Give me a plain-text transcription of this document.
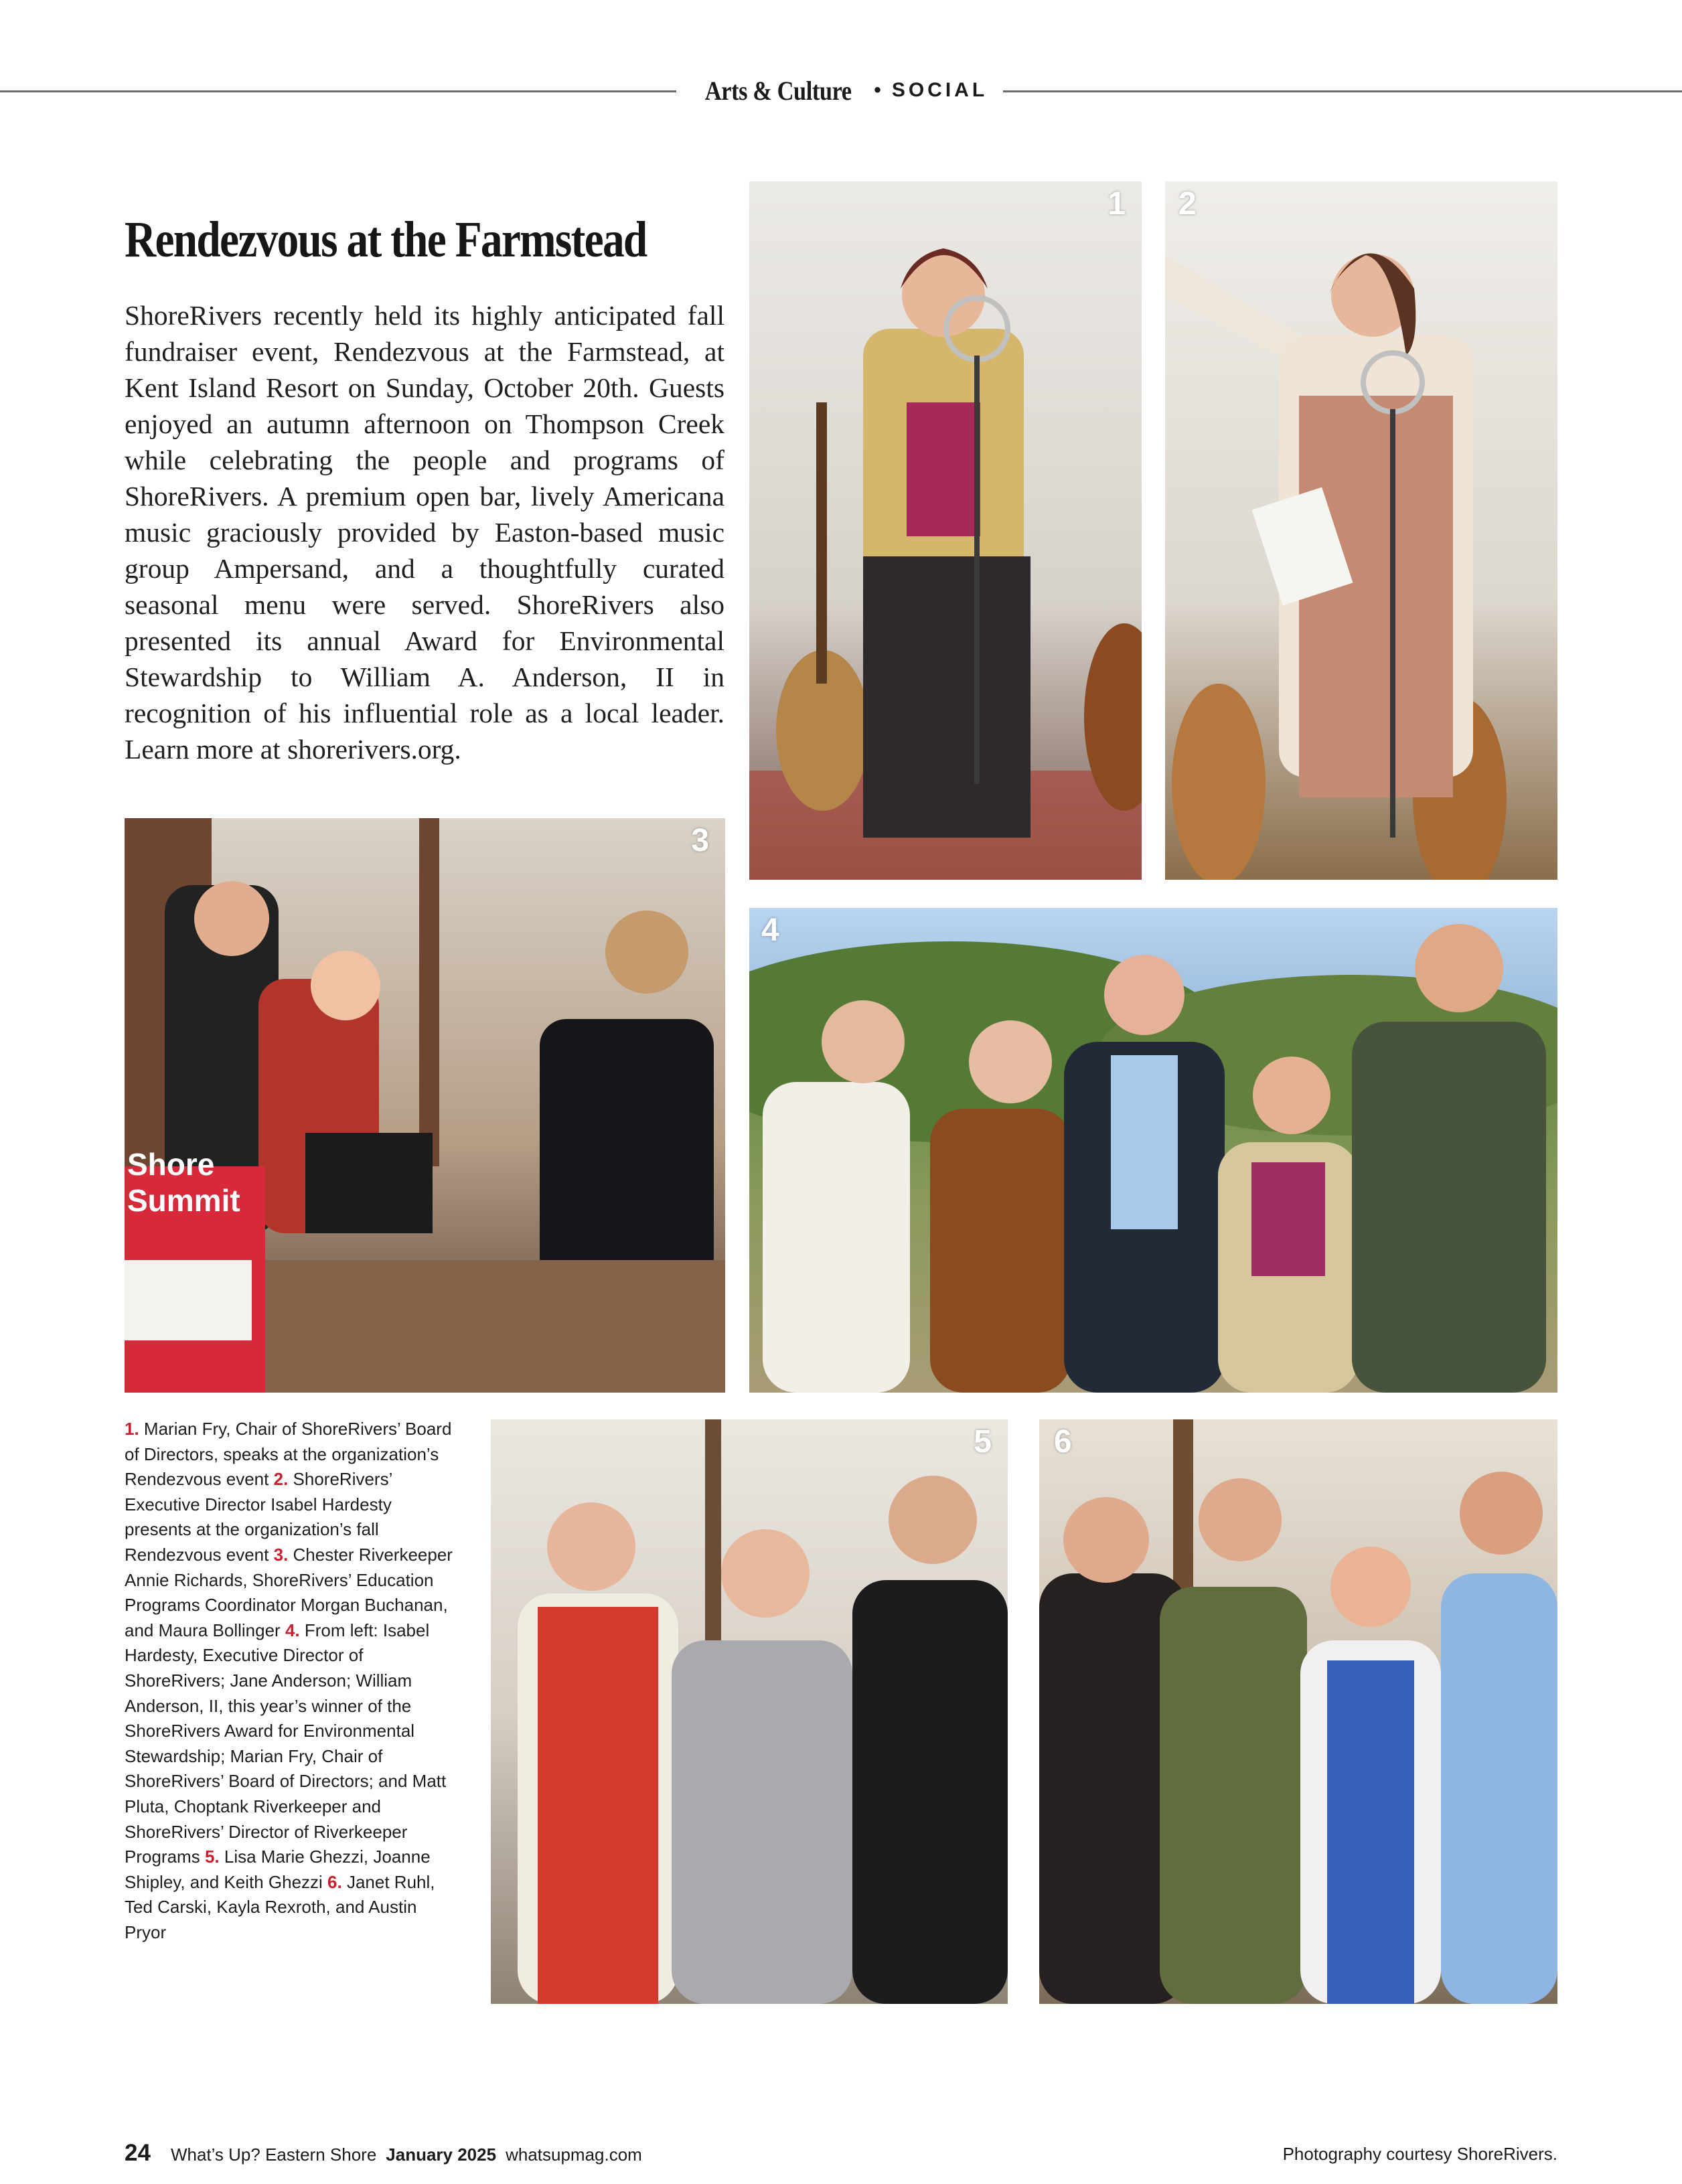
Arts & Culture • SOCIAL
Rendezvous at the Farmstead

ShoreRivers recently held its highly anticipated fall fundraiser event, Rendezvous at the Farmstead, at Kent Island Resort on Sunday, October 20th. Guests enjoyed an autumn afternoon on Thompson Creek while celebrating the people and programs of ShoreRivers. A premium open bar, lively Americana music graciously provided by Easton-based music group Ampersand, and a thoughtfully curated seasonal menu were served. ShoreRivers also presented its annual Award for Environmental Stewardship to William A. Anderson, II in recognition of his influential role as a local leader. Learn more at shorerivers.org.

1 2
Shore Summit
3
4

1. Marian Fry, Chair of ShoreRivers’ Board of Directors, speaks at the organization’s Rendezvous event 2. ShoreRivers’ Executive Director Isabel Hardesty presents at the organization’s fall Rendezvous event 3. Chester Riverkeeper Annie Richards, ShoreRivers’ Education Programs Coordinator Morgan Buchanan, and Maura Bollinger 4. From left: Isabel Hardesty, Executive Director of ShoreRivers; Jane Anderson; William Anderson, II, this year’s winner of the ShoreRivers Award for Environmental Stewardship; Marian Fry, Chair of ShoreRivers’ Board of Directors; and Matt Pluta, Choptank Riverkeeper and ShoreRivers’ Director of Riverkeeper Programs 5. Lisa Marie Ghezzi, Joanne Shipley, and Keith Ghezzi 6. Janet Ruhl, Ted Carski, Kayla Rexroth, and Austin Pryor

5 6
24 What’s Up? Eastern Shore January 2025 whatsupmag.com	Photography courtesy ShoreRivers.
